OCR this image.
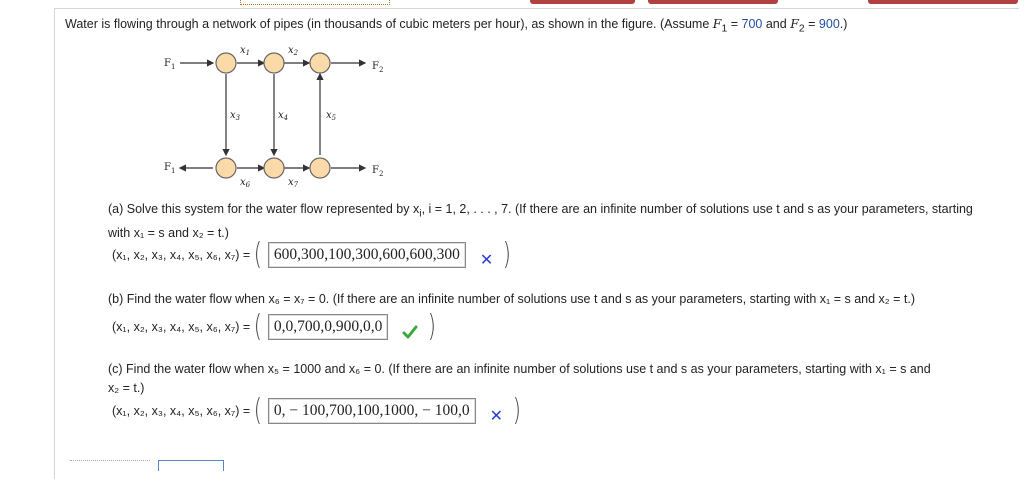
Water is flowing through a network of pipes (in thousands of cubic meters per hour), as shown in the figure. (Assume $F_1 = 700$ and $F_2 = 900$.)
$F_1$	$F_2$
$F_1$	$F_2$
$x_1$	$x_2$
$x_3$	$x_4$	$x_5$
$x_6$	$x_7$
(a) Solve this system for the water flow represented by $x_i$, i = 1, 2, . . . , 7. (If there are an infinite number of solutions use t and s as your parameters, starting
with x₁ = s and x₂ = t.)
(x₁, x₂, x₃, x₄, x₅, x₆, x₇) = ( 600,300,100,300,600,600,300	✕ )
(b) Find the water flow when x₆ = x₇ = 0. (If there are an infinite number of solutions use t and s as your parameters, starting with x₁ = s and x₂ = t.)
(x₁, x₂, x₃, x₄, x₅, x₆, x₇) = ( 0,0,700,0,900,0,0 )
(c) Find the water flow when x₅ = 1000 and x₆ = 0. (If there are an infinite number of solutions use t and s as your parameters, starting with x₁ = s and
x₂ = t.)
(x₁, x₂, x₃, x₄, x₅, x₆, x₇) = ( 0, − 100,700,100,1000, − 100,0	✕ )
